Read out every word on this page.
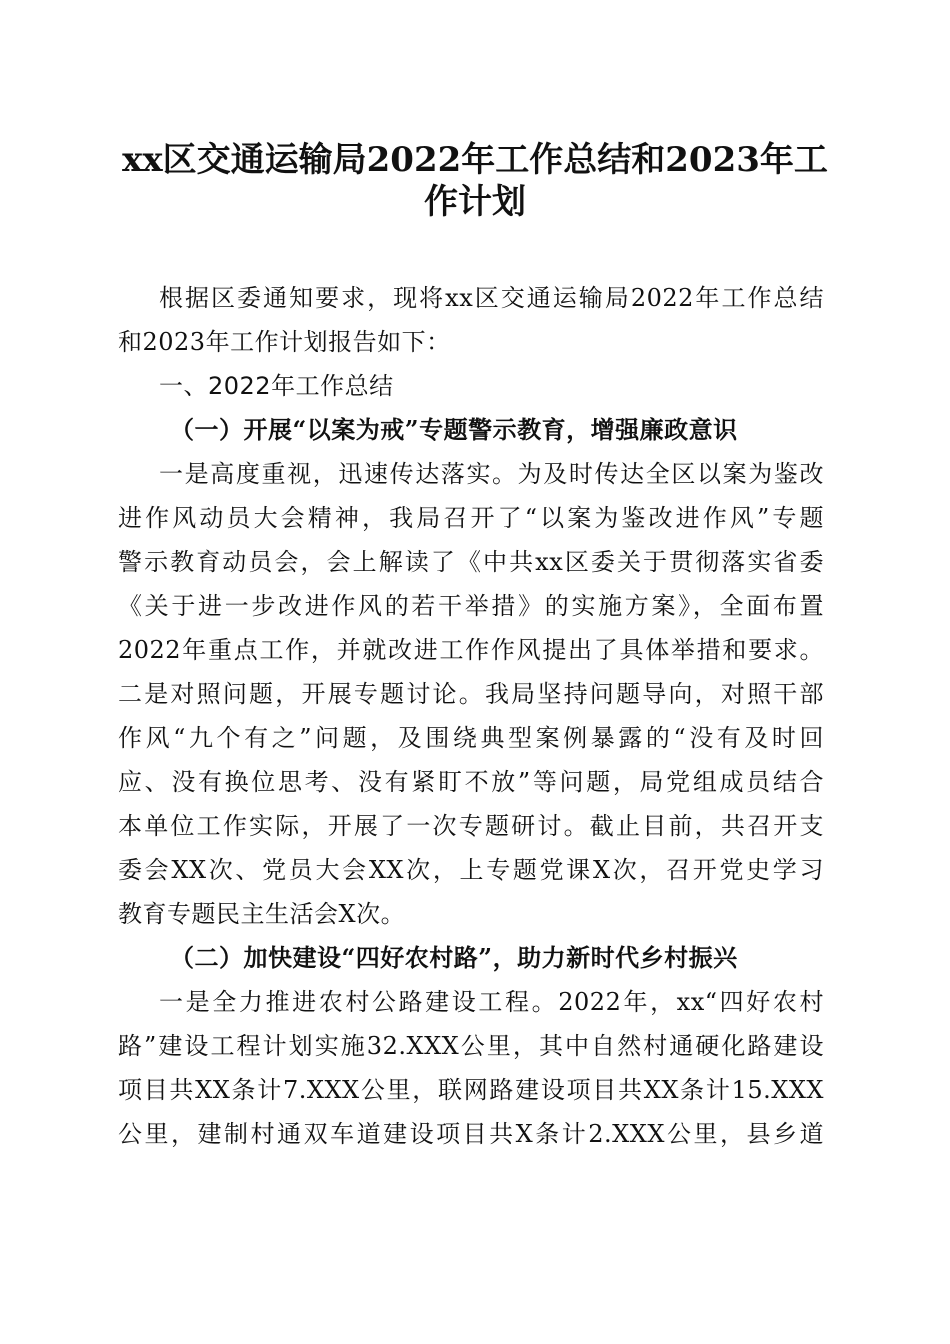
xx区交通运输局2022年工作总结和2023年工
作计划

根据区委通知要求，现将xx区交通运输局2022年工作总结

和2023年工作计划报告如下：

一、2022年工作总结

（一）开展“以案为戒”专题警示教育，增强廉政意识

一是高度重视，迅速传达落实。为及时传达全区以案为鉴改

进作风动员大会精神，我局召开了“以案为鉴改进作风”专题

警示教育动员会，会上解读了《中共xx区委关于贯彻落实省委

《关于进一步改进作风的若干举措》的实施方案》，全面布置

2022年重点工作，并就改进工作作风提出了具体举措和要求。

二是对照问题，开展专题讨论。我局坚持问题导向，对照干部

作风“九个有之”问题，及围绕典型案例暴露的“没有及时回

应、没有换位思考、没有紧盯不放”等问题，局党组成员结合

本单位工作实际，开展了一次专题研讨。截止目前，共召开支

委会XX次、党员大会XX次，上专题党课X次，召开党史学习

教育专题民主生活会X次。

（二）加快建设“四好农村路”，助力新时代乡村振兴

一是全力推进农村公路建设工程。2022年，xx“四好农村

路”建设工程计划实施32.XXX公里，其中自然村通硬化路建设

项目共XX条计7.XXX公里，联网路建设项目共XX条计15.XXX

公里，建制村通双车道建设项目共X条计2.XXX公里，县乡道
